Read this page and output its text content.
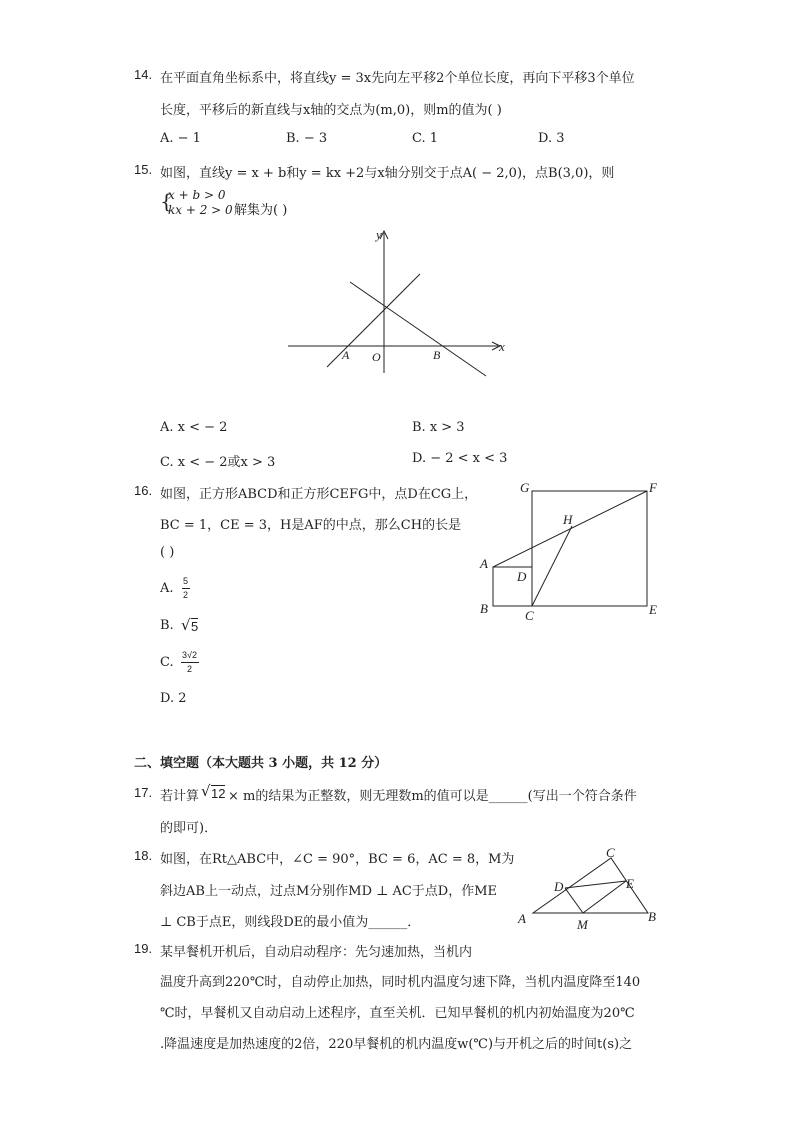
14. 在平面直角坐标系中，将直线y = 3x先向左平移2个单位长度，再向下平移3个单位
长度，平移后的新直线与x轴的交点为(m,0)，则m的值为( )
A. − 1	B. − 3	C. 1	D. 3
15. 如图，直线y = x + b和y = kx +2与x轴分别交于点A( − 2,0)，点B(3,0)，则
{
x + b > 0
kx + 2 > 0 解集为( )
y
x
A O	B
A. x < − 2	B. x > 3
C. x < − 2或x > 3	D. − 2 < x < 3
16. 如图，正方形ABCD和正方形CEFG中，点D在CG上，
BC = 1，CE = 3，H是AF的中点，那么CH的长是
( )
G	F
H
A
D
B	C	E
A. 5
2
B. √ 5
C. 3√2
2
D. 2
二、填空题（本大题共 3 小题，共 12 分）
17. 若计算 √ 12 × m的结果为正整数，则无理数m的值可以是______(写出一个符合条件
的即可)．
18. 如图，在Rt△ABC中，∠C = 90°，BC = 6，AC = 8，M为
斜边AB上一动点，过点M分别作MD ⊥ AC于点D，作ME
⊥ CB于点E，则线段DE的最小值为______．
C
D	E
A	M
B
19. 某早餐机开机后，自动启动程序：先匀速加热，当机内
温度升高到220℃时，自动停止加热，同时机内温度匀速下降，当机内温度降至140
℃时，早餐机又自动启动上述程序，直至关机．已知早餐机的机内初始温度为20℃
.降温速度是加热速度的2倍，220早餐机的机内温度w(℃)与开机之后的时间t(s)之
